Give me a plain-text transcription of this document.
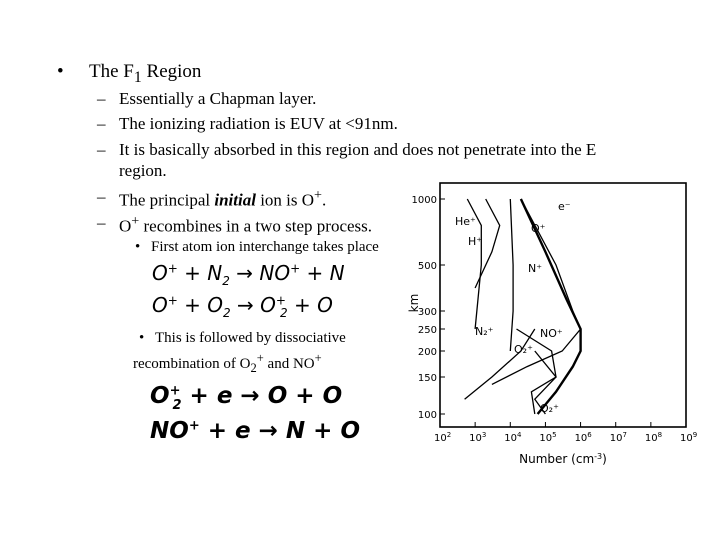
• The $F_1$ Region
– Essentially a Chapman layer.
– The ionizing radiation is EUV at <91nm.
– It is basically absorbed in this region and does not penetrate into the E
region.
– The principal initial ion is O+.
– O+ recombines in a two step process.
• First atom ion interchange takes place
$O^+ + N_2 \to NO^+ + N$
$O^+ + O_2 \to O^+_2 + O$
• This is followed by dissociative
recombination of $O_2^+$ and NO+
$O^+_2 + e \to O + O$
NO+ + e → N + O
e⁻
O⁺
He⁺
H⁺
N⁺
N₂⁺	NO⁺
O₂⁺
O₂⁺
100
150
200
250
300
500
1000
$10^2$ $10^3$ $10^4$ $10^5$ $10^6$ $10^7$ $10^8$ $10^9$
km
Number $(cm^{-3})$
